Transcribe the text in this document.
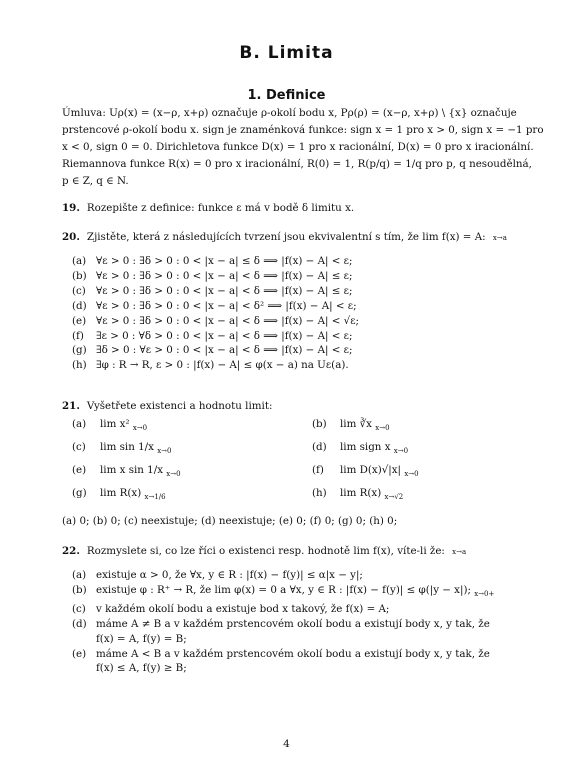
B. Limita
1. Definice
Úmluva: Uρ(x) = (x−ρ, x+ρ) označuje ρ-okolí bodu x, Pρ(ρ) = (x−ρ, x+ρ) \ {x} označuje
prstencové ρ-okolí bodu x. sign je znaménková funkce: sign x = 1 pro x > 0, sign x = −1 pro
x < 0, sign 0 = 0. Dirichletova funkce D(x) = 1 pro x racionální, D(x) = 0 pro x iracionální.
Riemannova funkce R(x) = 0 pro x iracionální, R(0) = 1, R(p/q) = 1/q pro p, q nesoudělná,
p ∈ Z, q ∈ N.
19. Rozepište z definice: funkce ε má v bodě δ limitu x.
20. Zjistěte, která z následujících tvrzení jsou ekvivalentní s tím, že lim f(x) = A: x→a
(a) ∀ε > 0 : ∃δ > 0 : 0 < |x − a| ≤ δ ⟹ |f(x) − A| < ε;
(b) ∀ε > 0 : ∃δ > 0 : 0 < |x − a| < δ ⟹ |f(x) − A| ≤ ε;
(c) ∀ε > 0 : ∃δ > 0 : 0 < |x − a| < δ ⟹ |f(x) − A| ≤ ε;
(d) ∀ε > 0 : ∃δ > 0 : 0 < |x − a| < δ² ⟹ |f(x) − A| < ε;
(e) ∀ε > 0 : ∃δ > 0 : 0 < |x − a| < δ ⟹ |f(x) − A| < √ε;
(f) ∃ε > 0 : ∀δ > 0 : 0 < |x − a| < δ ⟹ |f(x) − A| < ε;
(g) ∃δ > 0 : ∀ε > 0 : 0 < |x − a| < δ ⟹ |f(x) − A| < ε;
(h) ∃φ : R → R, ε > 0 : |f(x) − A| ≤ φ(x − a) na Uε(a).
21. Vyšetřete existenci a hodnotu limit:
(a) lim x² $_{x\to 0}$	(b) lim ∛x $_{x\to 0}$
(c) lim sin 1/x $_{x\to 0}$	(d) lim sign x $_{x\to 0}$
(e) lim x sin 1/x $_{x\to 0}$	(f) lim D(x)√|x| $_{x\to 0}$
(g) lim R(x) $_{x\to 1/6}$	(h) lim R(x) $_{x\to√2}$
(a) 0; (b) 0; (c) neexistuje; (d) neexistuje; (e) 0; (f) 0; (g) 0; (h) 0;
22. Rozmyslete si, co lze říci o existenci resp. hodnotě lim f(x), víte-li že: x→a
(a) existuje α > 0, že ∀x, y ∈ R : |f(x) − f(y)| ≤ α|x − y|;
(b) existuje φ : R⁺ → R, že lim φ(x) = 0 a ∀x, y ∈ R : |f(x) − f(y)| ≤ φ(|y − x|); $_{x\to 0+}$
(c) v každém okolí bodu a existuje bod x takový, že f(x) = A;
(d) máme A ≠ B a v každém prstencovém okolí bodu a existují body x, y tak, že
f(x) = A, f(y) = B;
(e) máme A < B a v každém prstencovém okolí bodu a existují body x, y tak, že
f(x) ≤ A, f(y) ≥ B;
4
